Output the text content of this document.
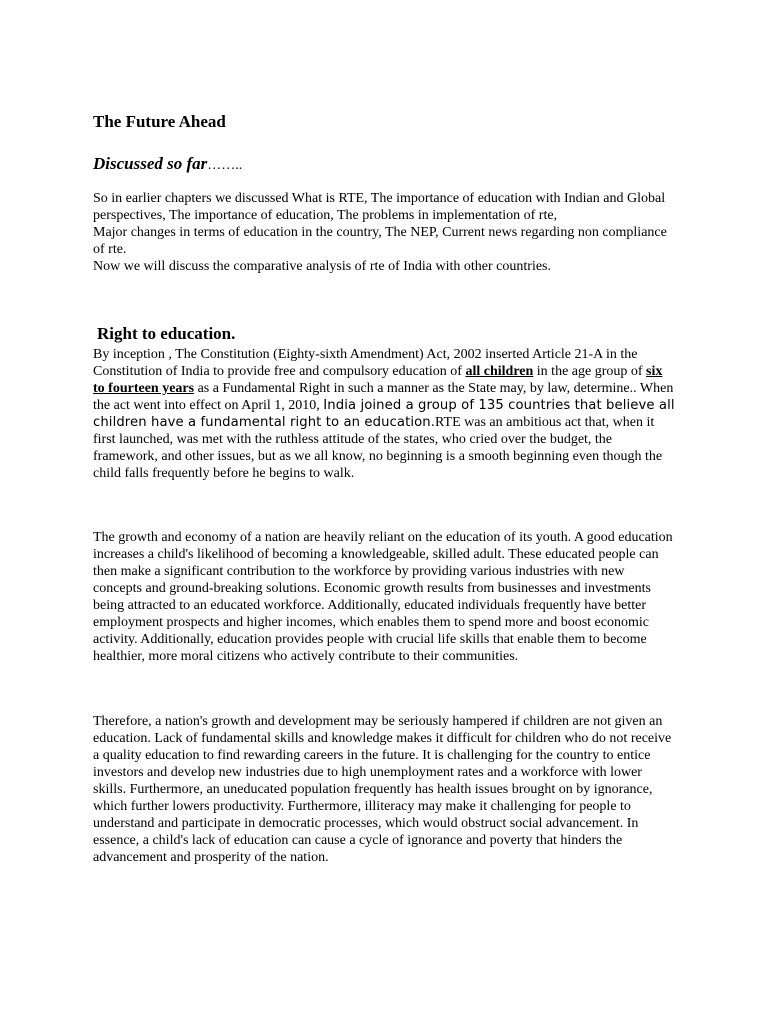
The Future Ahead
Discussed so far……..

So in earlier chapters we discussed What is RTE, The importance of education with Indian and Global perspectives, The importance of education, The problems in implementation of rte,
Major changes in terms of education in the country, The NEP, Current news regarding non compliance of rte.
Now we will discuss the comparative analysis of rte of India with other countries.

Right to education.

By inception , The Constitution (Eighty-sixth Amendment) Act, 2002 inserted Article 21-A in the Constitution of India to provide free and compulsory education of all children in the age group of six to fourteen years as a Fundamental Right in such a manner as the State may, by law, determine.. When the act went into effect on April 1, 2010, India joined a group of 135 countries that believe all children have a fundamental right to an education.RTE was an ambitious act that, when it first launched, was met with the ruthless attitude of the states, who cried over the budget, the framework, and other issues, but as we all know, no beginning is a smooth beginning even though the child falls frequently before he begins to walk.

The growth and economy of a nation are heavily reliant on the education of its youth. A good education increases a child's likelihood of becoming a knowledgeable, skilled adult. These educated people can then make a significant contribution to the workforce by providing various industries with new concepts and ground-breaking solutions. Economic growth results from businesses and investments being attracted to an educated workforce. Additionally, educated individuals frequently have better employment prospects and higher incomes, which enables them to spend more and boost economic activity. Additionally, education provides people with crucial life skills that enable them to become healthier, more moral citizens who actively contribute to their communities.

Therefore, a nation's growth and development may be seriously hampered if children are not given an education. Lack of fundamental skills and knowledge makes it difficult for children who do not receive a quality education to find rewarding careers in the future. It is challenging for the country to entice investors and develop new industries due to high unemployment rates and a workforce with lower skills. Furthermore, an uneducated population frequently has health issues brought on by ignorance, which further lowers productivity. Furthermore, illiteracy may make it challenging for people to understand and participate in democratic processes, which would obstruct social advancement. In essence, a child's lack of education can cause a cycle of ignorance and poverty that hinders the advancement and prosperity of the nation.
